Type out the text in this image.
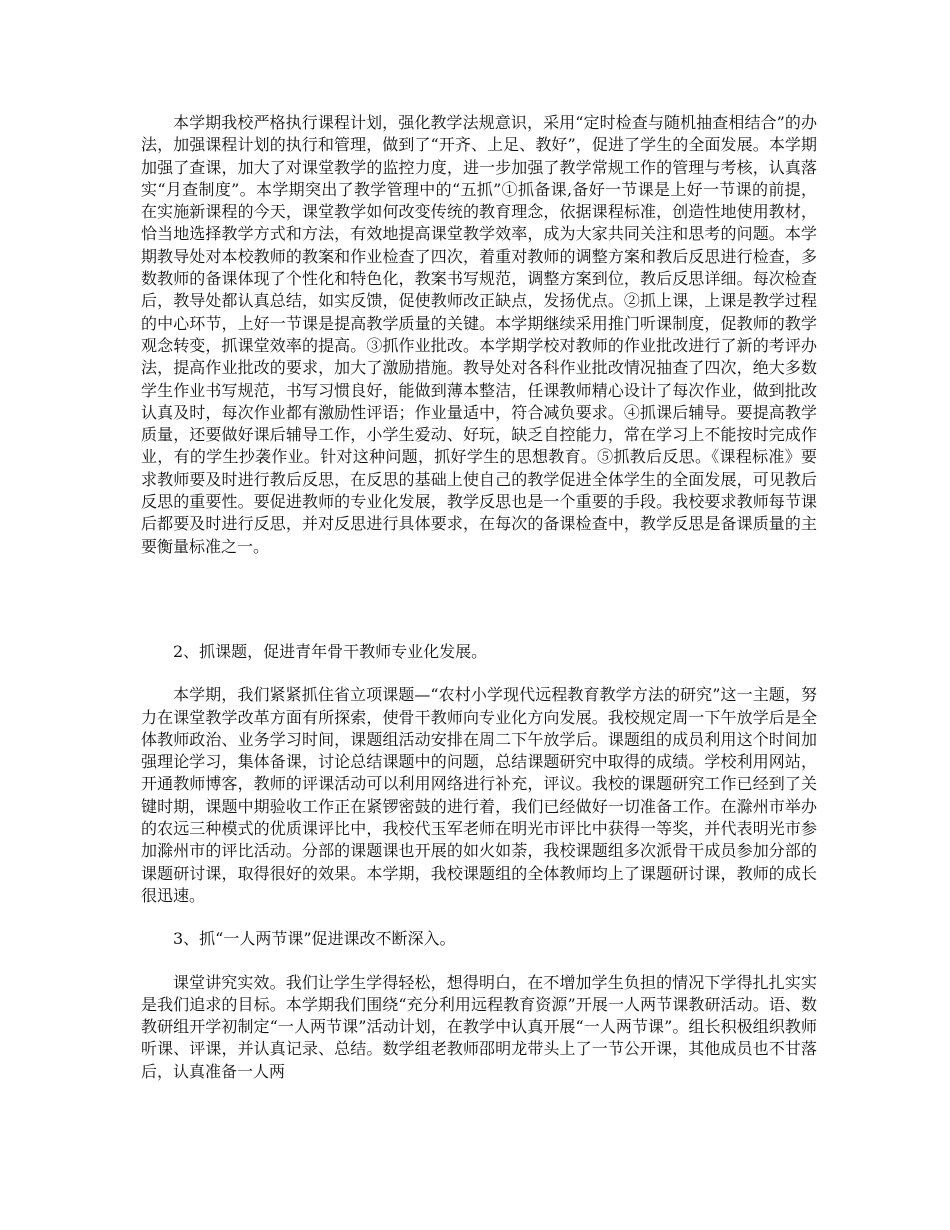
本学期我校严格执行课程计划，强化教学法规意识，采用“定时检查与随机抽查相结合”的办法，加强课程计划的执行和管理，做到了“开齐、上足、教好”，促进了学生的全面发展。本学期加强了查课，加大了对课堂教学的监控力度，进一步加强了教学常规工作的管理与考核，认真落实“月查制度”。本学期突出了教学管理中的“五抓”①抓备课,备好一节课是上好一节课的前提，在实施新课程的今天，课堂教学如何改变传统的教育理念，依据课程标准，创造性地使用教材，恰当地选择教学方式和方法，有效地提高课堂教学效率，成为大家共同关注和思考的问题。本学期教导处对本校教师的教案和作业检查了四次，着重对教师的调整方案和教后反思进行检查，多数教师的备课体现了个性化和特色化，教案书写规范，调整方案到位，教后反思详细。每次检查后，教导处都认真总结，如实反馈，促使教师改正缺点，发扬优点。②抓上课，上课是教学过程的中心环节，上好一节课是提高教学质量的关键。本学期继续采用推门听课制度，促教师的教学观念转变，抓课堂效率的提高。③抓作业批改。本学期学校对教师的作业批改进行了新的考评办法，提高作业批改的要求，加大了激励措施。教导处对各科作业批改情况抽查了四次，绝大多数学生作业书写规范，书写习惯良好，能做到薄本整洁，任课教师精心设计了每次作业，做到批改认真及时，每次作业都有激励性评语；作业量适中，符合减负要求。④抓课后辅导。要提高教学质量，还要做好课后辅导工作，小学生爱动、好玩，缺乏自控能力，常在学习上不能按时完成作业，有的学生抄袭作业。针对这种问题，抓好学生的思想教育。⑤抓教后反思。《课程标准》要求教师要及时进行教后反思，在反思的基础上使自己的教学促进全体学生的全面发展，可见教后反思的重要性。要促进教师的专业化发展，教学反思也是一个重要的手段。我校要求教师每节课后都要及时进行反思，并对反思进行具体要求，在每次的备课检查中，教学反思是备课质量的主要衡量标准之一。

2、抓课题，促进青年骨干教师专业化发展。

本学期，我们紧紧抓住省立项课题—“农村小学现代远程教育教学方法的研究”这一主题，努力在课堂教学改革方面有所探索，使骨干教师向专业化方向发展。我校规定周一下午放学后是全体教师政治、业务学习时间，课题组活动安排在周二下午放学后。课题组的成员利用这个时间加强理论学习，集体备课，讨论总结课题中的问题，总结课题研究中取得的成绩。学校利用网站，开通教师博客，教师的评课活动可以利用网络进行补充，评议。我校的课题研究工作已经到了关键时期，课题中期验收工作正在紧锣密鼓的进行着，我们已经做好一切准备工作。在滁州市举办的农远三种模式的优质课评比中，我校代玉军老师在明光市评比中获得一等奖，并代表明光市参加滁州市的评比活动。分部的课题课也开展的如火如荼，我校课题组多次派骨干成员参加分部的课题研讨课，取得很好的效果。本学期，我校课题组的全体教师均上了课题研讨课，教师的成长很迅速。

3、抓“一人两节课”促进课改不断深入。

课堂讲究实效。我们让学生学得轻松，想得明白，在不增加学生负担的情况下学得扎扎实实是我们追求的目标。本学期我们围绕“充分利用远程教育资源”开展一人两节课教研活动。语、数教研组开学初制定“一人两节课”活动计划，在教学中认真开展“一人两节课”。组长积极组织教师听课、评课，并认真记录、总结。数学组老教师邵明龙带头上了一节公开课，其他成员也不甘落后，认真准备一人两
